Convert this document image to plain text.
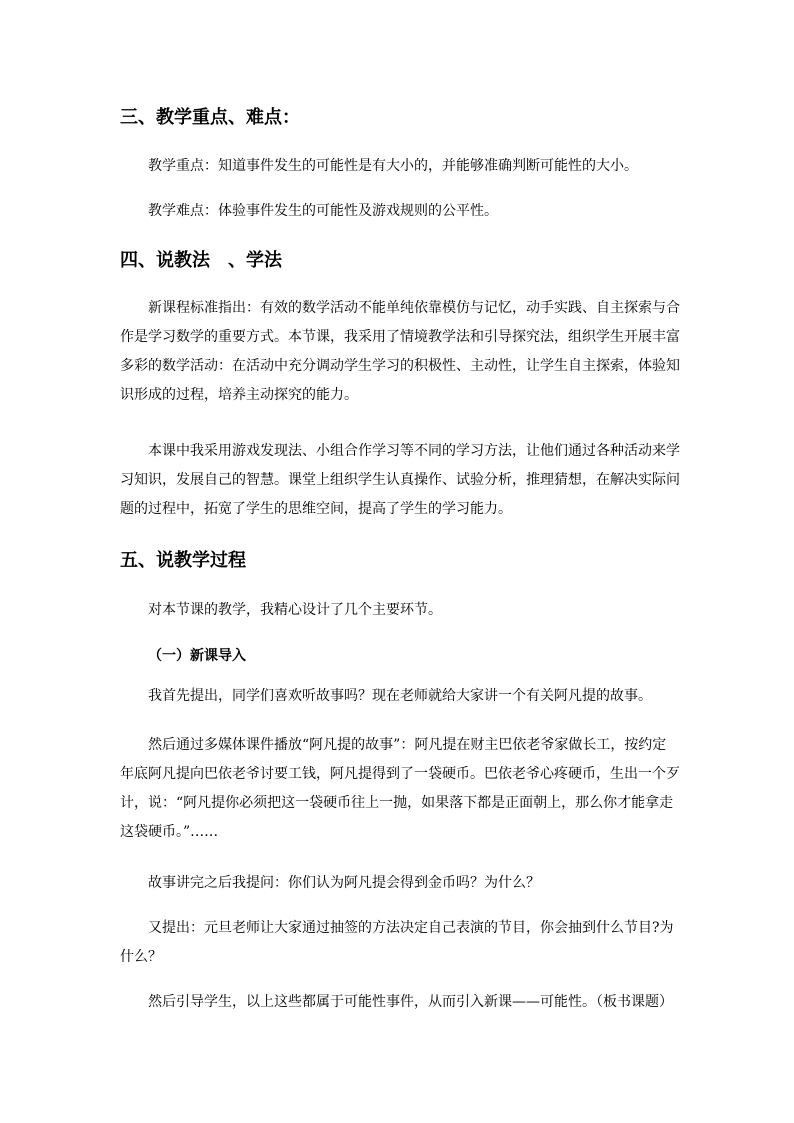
三、教学重点、难点：

教学重点：知道事件发生的可能性是有大小的，并能够准确判断可能性的大小。

教学难点：体验事件发生的可能性及游戏规则的公平性。

四、说教法　、学法

新课程标准指出：有效的数学活动不能单纯依靠模仿与记忆，动手实践、自主探索与合作是学习数学的重要方式。本节课，我采用了情境教学法和引导探究法，组织学生开展丰富多彩的数学活动：在活动中充分调动学生学习的积极性、主动性，让学生自主探索，体验知识形成的过程，培养主动探究的能力。

本课中我采用游戏发现法、小组合作学习等不同的学习方法，让他们通过各种活动来学习知识，发展自己的智慧。课堂上组织学生认真操作、试验分析，推理猜想，在解决实际问题的过程中，拓宽了学生的思维空间，提高了学生的学习能力。

五、说教学过程

对本节课的教学，我精心设计了几个主要环节。

（一）新课导入

我首先提出，同学们喜欢听故事吗？现在老师就给大家讲一个有关阿凡提的故事。

然后通过多媒体课件播放“阿凡提的故事”：阿凡提在财主巴依老爷家做长工，按约定年底阿凡提向巴依老爷讨要工钱，阿凡提得到了一袋硬币。巴依老爷心疼硬币，生出一个歹计，说：“阿凡提你必须把这一袋硬币往上一抛，如果落下都是正面朝上，那么你才能拿走这袋硬币。”……

故事讲完之后我提问：你们认为阿凡提会得到金币吗？为什么？

又提出：元旦老师让大家通过抽签的方法决定自己表演的节目，你会抽到什么节目?为什么？

然后引导学生，以上这些都属于可能性事件，从而引入新课——可能性。（板书课题）
